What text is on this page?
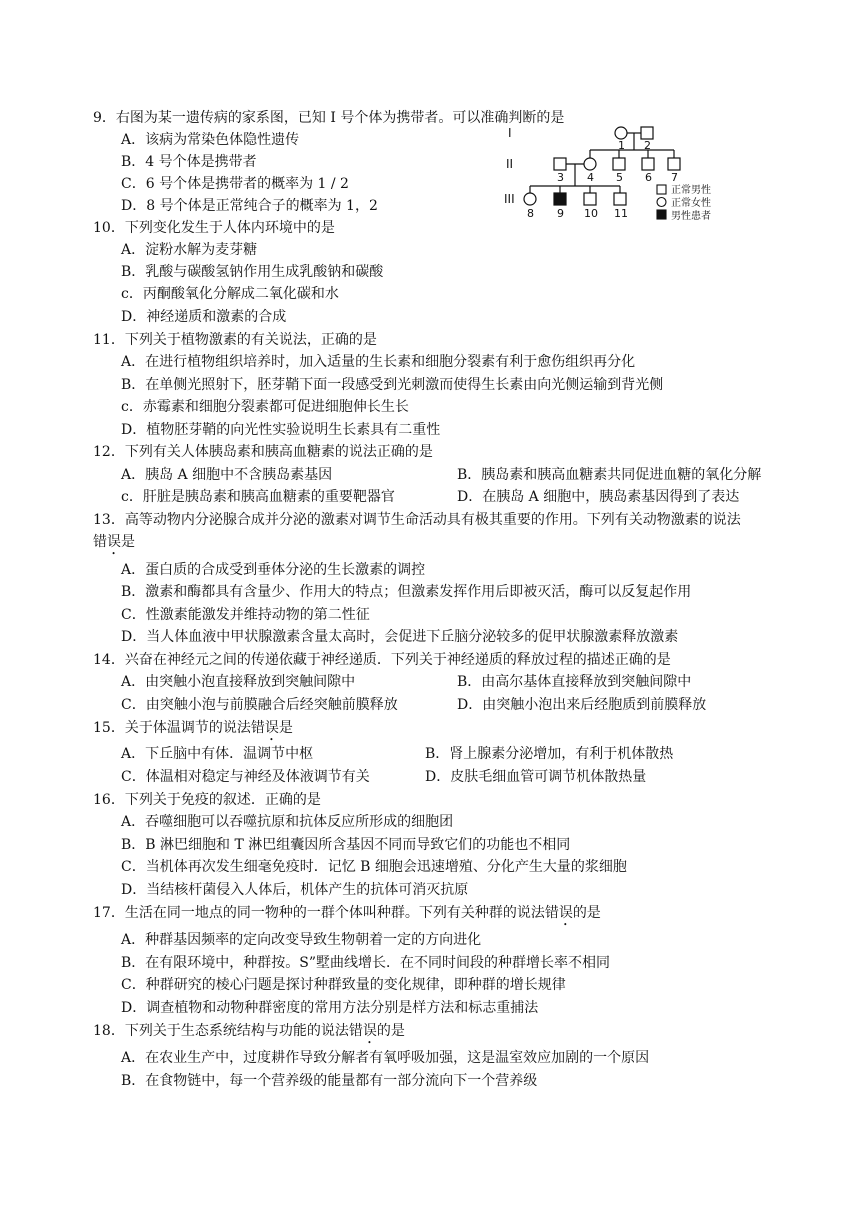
9．右图为某一遗传病的家系图，已知 I 号个体为携带者。可以准确判断的是
A．该病为常染色体隐性遗传
B．4 号个体是携带者
C．6 号个体是携带者的概率为 1 / 2
D．8 号个体是正常纯合子的概率为 1，2
I
II
III
1 2
3 4 5 6 7
8 9 10 11
正常男性
正常女性
男性患者
10．下列变化发生于人体内环境中的是
A．淀粉水解为麦芽糖
B．乳酸与碳酸氢钠作用生成乳酸钠和碳酸
c．丙酮酸氧化分解成二氧化碳和水
D．神经递质和激素的合成
11．下列关于植物激素的有关说法，正确的是
A．在进行植物组织培养时，加入适量的生长素和细胞分裂素有利于愈伤组织再分化
B．在单侧光照射下，胚芽鞘下面一段感受到光刺激而使得生长素由向光侧运输到背光侧
c．赤霉素和细胞分裂素都可促进细胞伸长生长
D．植物胚芽鞘的向光性实验说明生长素具有二重性
12．下列有关人体胰岛素和胰高血糖素的说法正确的是
A．胰岛 A 细胞中不含胰岛素基因	B．胰岛素和胰高血糖素共同促进血糖的氧化分解
c．肝脏是胰岛素和胰高血糖素的重要靶器官	D．在胰岛 A 细胞中，胰岛素基因得到了表达
13．高等动物内分泌腺合成并分泌的激素对调节生命活动具有极其重要的作用。下列有关动物激素的说法
错误是
A．蛋白质的合成受到垂体分泌的生长激素的调控
B．激素和酶都具有含量少、作用大的特点；但激素发挥作用后即被灭活，酶可以反复起作用
C．性激素能激发并维持动物的第二性征
D．当人体血液中甲状腺激素含量太高时，会促进下丘脑分泌较多的促甲状腺激素释放激素
14．兴奋在神经元之间的传递依藏于神经递质．下列关于神经递质的释放过程的描述正确的是
A．由突触小泡直接释放到突触间隙中	B．由高尔基体直接释放到突触间隙中
C．由突触小泡与前膜融合后经突触前膜释放	D．由突触小泡出来后经胞质到前膜释放
15．关于体温调节的说法错误是
A．下丘脑中有体．温调节中枢	B．肾上腺素分泌增加，有利于机体散热
C．体温相对稳定与神经及体液调节有关	D．皮肤毛细血管可调节机体散热量
16．下列关于免疫的叙述．正确的是
A．吞噬细胞可以吞噬抗原和抗体反应所形成的细胞团
B．B 淋巴细胞和 T 淋巴组囊因所含基因不同而导致它们的功能也不相同
C．当机体再次发生细毫免疫时．记忆 B 细胞会迅速增殖、分化产生大量的浆细胞
D．当结核杆菌侵入人体后，机体产生的抗体可消灭抗原
17．生活在同一地点的同一物种的一群个体叫种群。下列有关种群的说法错误的是
A．种群基因频率的定向改变导致生物朝着一定的方向进化
B．在有限环境中，种群按。S”墅曲线增长．在不同时间段的种群增长率不相同
C．种群研究的棱心闩题是探讨种群致量的变化规律，即种群的增长规律
D．调查植物和动物种群密度的常用方法分别是样方法和标志重捕法
18．下列关于生态系统结构与功能的说法错误的是
A．在农业生产中，过度耕作导致分解者有氧呼吸加强，这是温室效应加剧的一个原因
B．在食物链中，每一个营养级的能量都有一部分流向下一个营养级
